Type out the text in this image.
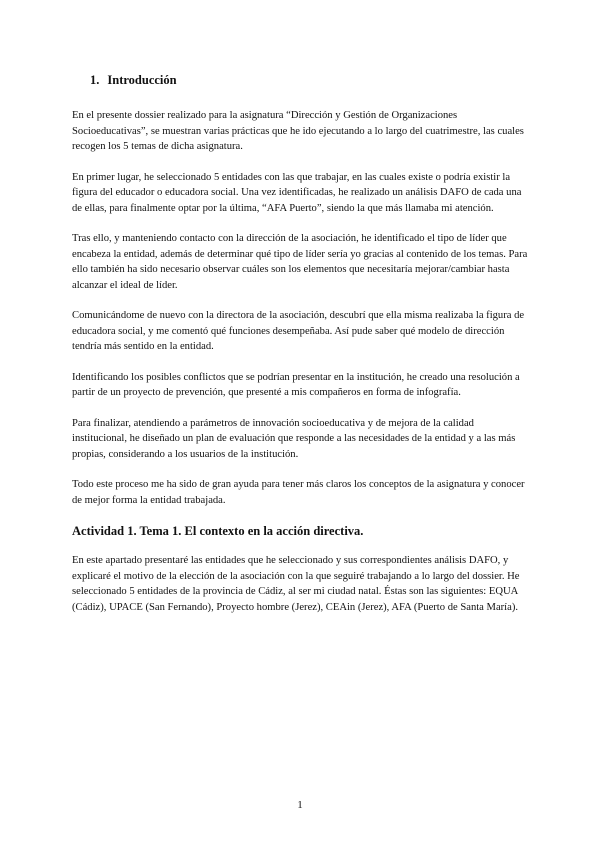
1. Introducción

En el presente dossier realizado para la asignatura “Dirección y Gestión de Organizaciones Socioeducativas”, se muestran varias prácticas que he ido ejecutando a lo largo del cuatrimestre, las cuales recogen los 5 temas de dicha asignatura.

En primer lugar, he seleccionado 5 entidades con las que trabajar, en las cuales existe o podría existir la figura del educador o educadora social. Una vez identificadas, he realizado un análisis DAFO de cada una de ellas, para finalmente optar por la última, “AFA Puerto”, siendo la que más llamaba mi atención.

Tras ello, y manteniendo contacto con la dirección de la asociación, he identificado el tipo de líder que encabeza la entidad, además de determinar qué tipo de líder sería yo gracias al contenido de los temas. Para ello también ha sido necesario observar cuáles son los elementos que necesitaría mejorar/cambiar hasta alcanzar el ideal de líder.

Comunicándome de nuevo con la directora de la asociación, descubrí que ella misma realizaba la figura de educadora social, y me comentó qué funciones desempeñaba. Así pude saber qué modelo de dirección tendría más sentido en la entidad.

Identificando los posibles conflictos que se podrían presentar en la institución, he creado una resolución a partir de un proyecto de prevención, que presenté a mis compañeros en forma de infografía.

Para finalizar, atendiendo a parámetros de innovación socioeducativa y de mejora de la calidad institucional, he diseñado un plan de evaluación que responde a las necesidades de la entidad y a las más propias, considerando a los usuarios de la institución.

Todo este proceso me ha sido de gran ayuda para tener más claros los conceptos de la asignatura y conocer de mejor forma la entidad trabajada.

Actividad 1. Tema 1. El contexto en la acción directiva.

En este apartado presentaré las entidades que he seleccionado y sus correspondientes análisis DAFO, y explicaré el motivo de la elección de la asociación con la que seguiré trabajando a lo largo del dossier. He seleccionado 5 entidades de la provincia de Cádiz, al ser mi ciudad natal. Éstas son las siguientes: EQUA (Cádiz), UPACE (San Fernando), Proyecto hombre (Jerez), CEAin (Jerez), AFA (Puerto de Santa María).

1
